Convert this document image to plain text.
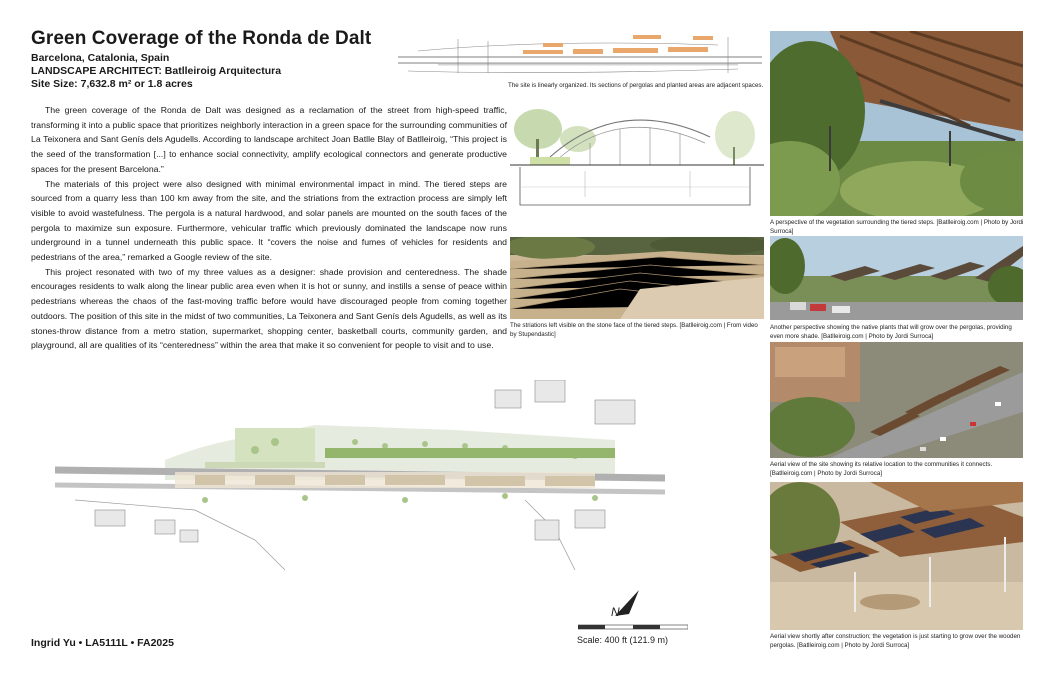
Green Coverage of the Ronda de Dalt
Barcelona, Catalonia, Spain
LANDSCAPE ARCHITECT: Batlleiroig Arquitectura
Site Size: 7,632.8 m² or 1.8 acres

The green coverage of the Ronda de Dalt was designed as a reclamation of the street from high-speed traffic, transforming it into a public space that prioritizes neighborly interaction in a green space for the surrounding communities of La Teixonera and Sant Genís dels Agudells. According to landscape architect Joan Batlle Blay of Batlleiroig, “This project is the seed of the transformation [...] to enhance social connectivity, amplify ecological connectors and generate productive spaces for the present Barcelona.”

The materials of this project were also designed with minimal environmental impact in mind. The tiered steps are sourced from a quarry less than 100 km away from the site, and the striations from the extraction process are simply left visible to avoid wastefulness. The pergola is a natural hardwood, and solar panels are mounted on the south faces of the pergola to maximize sun exposure. Furthermore, vehicular traffic which previously dominated the landscape now runs underground in a tunnel underneath this public space. It “covers the noise and fumes of vehicles for residents and pedestrians of the area,” remarked a Google review of the site.

This project resonated with two of my three values as a designer: shade provision and centeredness. The shade encourages residents to walk along the linear public area even when it is hot or sunny, and instills a sense of peace within pedestrians whereas the chaos of the fast-moving traffic before would have discouraged people from coming together outdoors. The position of this site in the midst of two communities, La Teixonera and Sant Genís dels Agudells, as well as its stones-throw distance from a metro station, supermarket, shopping center, basketball courts, community garden, and playground, all are qualities of its “centeredness” within the area that make it so convenient for people to visit and to use.

The site is linearly organized. Its sections of pergolas and planted areas are adjacent spaces.
The striations left visible on the stone face of the tiered steps. [Batlleiroig.com | From video by Stupendastic]
A perspective of the vegetation surrounding the tiered steps. [Batlleiroig.com | Photo by Jordi Surroca]
Another perspective showing the native plants that will grow over the pergolas, providing even more shade. [Batlleiroig.com | Photo by Jordi Surroca]
Aerial view of the site showing its relative location to the communities it connects. [Batlleiroig.com | Photo by Jordi Surroca]
Aerial view shortly after construction; the vegetation is just starting to grow over the wooden pergolas. [Batlleiroig.com | Photo by Jordi Surroca]
N
Scale: 400 ft (121.9 m)
Ingrid Yu • LA5111L • FA2025
